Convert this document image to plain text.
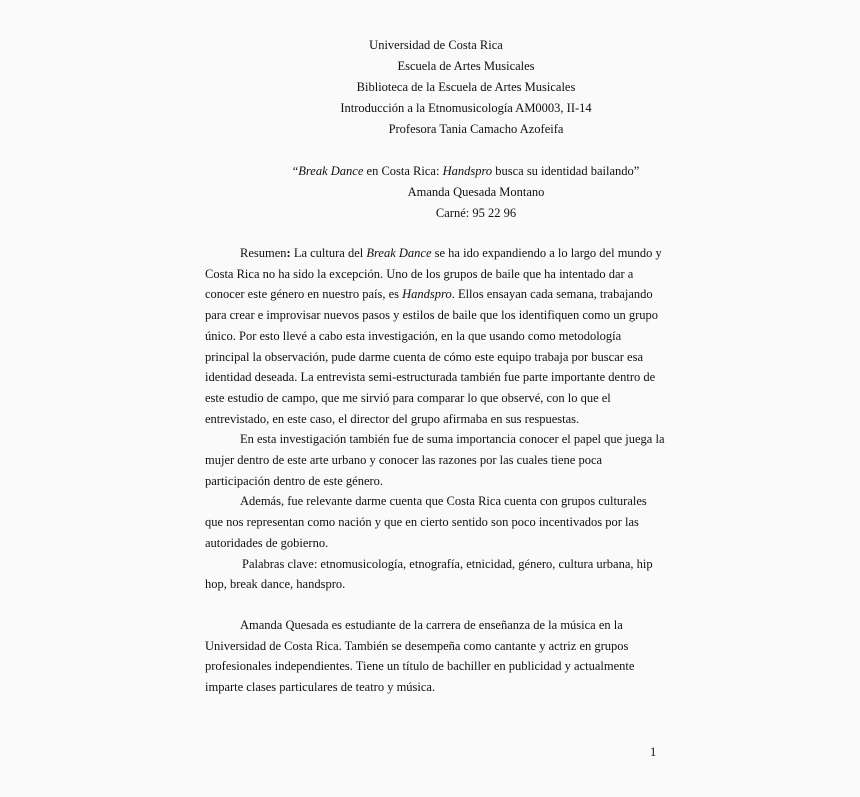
Universidad de Costa Rica
Escuela de Artes Musicales
Biblioteca de la Escuela de Artes Musicales
Introducción a la Etnomusicología AM0003, II-14
Profesora Tania Camacho Azofeifa
“Break Dance en Costa Rica: Handspro busca su identidad bailando”
Amanda Quesada Montano
Carné: 95 22 96

Resumen: La cultura del Break Dance se ha ido expandiendo a lo largo del mundo y Costa Rica no ha sido la excepción. Uno de los grupos de baile que ha intentado dar a conocer este género en nuestro país, es Handspro. Ellos ensayan cada semana, trabajando para crear e improvisar nuevos pasos y estilos de baile que los identifiquen como un grupo único. Por esto llevé a cabo esta investigación, en la que usando como metodología principal la observación, pude darme cuenta de cómo este equipo trabaja por buscar esa identidad deseada. La entrevista semi-estructurada también fue parte importante dentro de este estudio de campo, que me sirvió para comparar lo que observé, con lo que el entrevistado, en este caso, el director del grupo afirmaba en sus respuestas.

En esta investigación también fue de suma importancia conocer el papel que juega la mujer dentro de este arte urbano y conocer las razones por las cuales tiene poca participación dentro de este género.

Además, fue relevante darme cuenta que Costa Rica cuenta con grupos culturales que nos representan como nación y que en cierto sentido son poco incentivados por las autoridades de gobierno.

Palabras clave: etnomusicología, etnografía, etnicidad, género, cultura urbana, hip hop, break dance, handspro.

Amanda Quesada es estudiante de la carrera de enseñanza de la música en la Universidad de Costa Rica. También se desempeña como cantante y actriz en grupos profesionales independientes. Tiene un título de bachiller en publicidad y actualmente imparte clases particulares de teatro y música.

1
